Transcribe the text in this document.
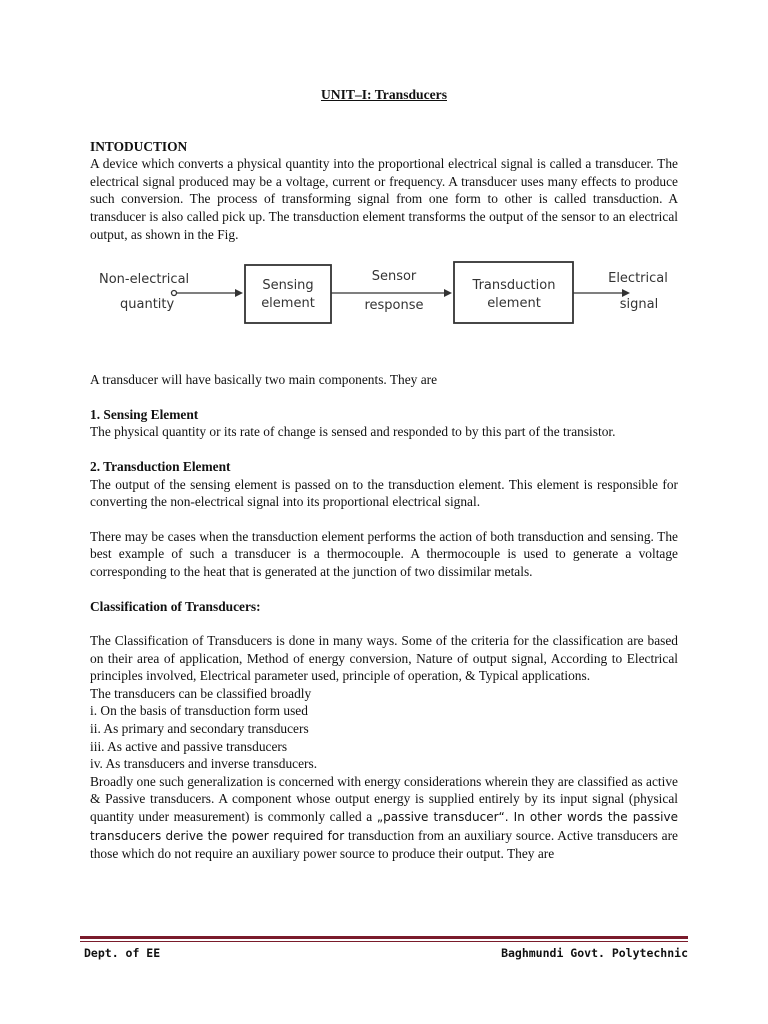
UNIT–I: Transducers

INTODUCTION

A device which converts a physical quantity into the proportional electrical signal is called a transducer. The electrical signal produced may be a voltage, current or frequency. A transducer uses many effects to produce such conversion. The process of transforming signal from one form to other is called transduction. A transducer is also called pick up. The transduction element transforms the output of the sensor to an electrical output, as shown in the Fig.

Non-electrical
quantity
Sensing
element
Sensor
response
Transduction
element
Electrical
signal

A transducer will have basically two main components. They are

1. Sensing Element

The physical quantity or its rate of change is sensed and responded to by this part of the transistor.

2. Transduction Element

The output of the sensing element is passed on to the transduction element. This element is responsible for converting the non-electrical signal into its proportional electrical signal.

There may be cases when the transduction element performs the action of both transduction and sensing. The best example of such a transducer is a thermocouple. A thermocouple is used to generate a voltage corresponding to the heat that is generated at the junction of two dissimilar metals.

Classification of Transducers:

The Classification of Transducers is done in many ways. Some of the criteria for the classification are based on their area of application, Method of energy conversion, Nature of output signal, According to Electrical principles involved, Electrical parameter used, principle of operation, & Typical applications.

The transducers can be classified broadly

i. On the basis of transduction form used

ii. As primary and secondary transducers

iii. As active and passive transducers

iv. As transducers and inverse transducers.

Broadly one such generalization is concerned with energy considerations wherein they are classified as active & Passive transducers. A component whose output energy is supplied entirely by its input signal (physical quantity under measurement) is commonly called a „passive transducer“. In other words the passive transducers derive the power required for transduction from an auxiliary source. Active transducers are those which do not require an auxiliary power source to produce their output. They are

Dept. of EE	Baghmundi Govt. Polytechnic
